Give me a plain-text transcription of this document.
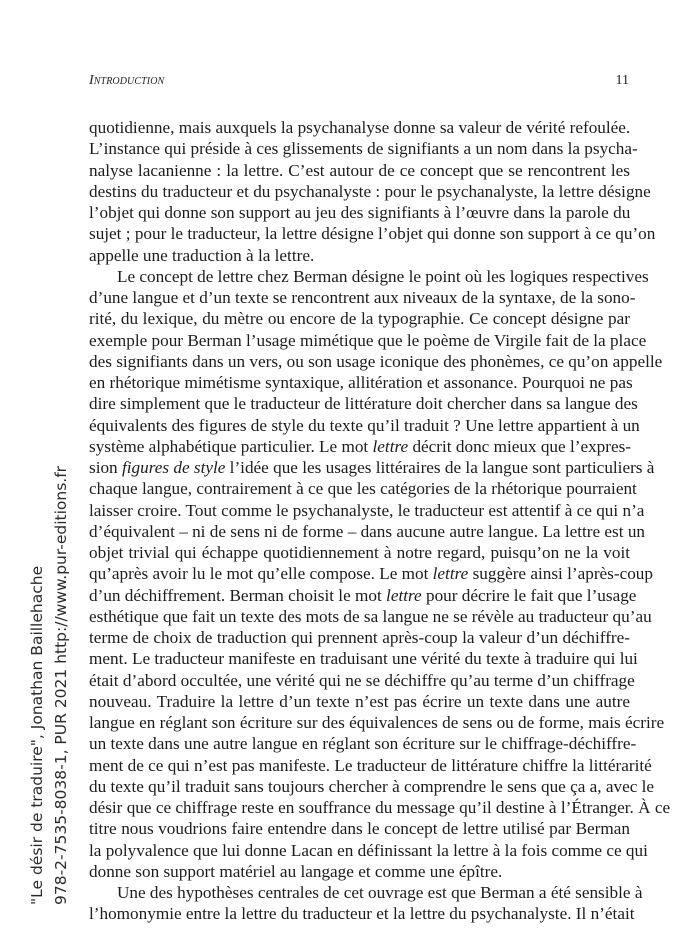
Introduction	11
quotidienne, mais auxquels la psychanalyse donne sa valeur de vérité refoulée.
L’instance qui préside à ces glissements de signifiants a un nom dans la psycha-
nalyse lacanienne : la lettre. C’est autour de ce concept que se rencontrent les
destins du traducteur et du psychanalyste : pour le psychanalyste, la lettre désigne
l’objet qui donne son support au jeu des signifiants à l’œuvre dans la parole du
sujet ; pour le traducteur, la lettre désigne l’objet qui donne son support à ce qu’on
appelle une traduction à la lettre.
Le concept de lettre chez Berman désigne le point où les logiques respectives
d’une langue et d’un texte se rencontrent aux niveaux de la syntaxe, de la sono-
rité, du lexique, du mètre ou encore de la typographie. Ce concept désigne par
exemple pour Berman l’usage mimétique que le poème de Virgile fait de la place
des signifiants dans un vers, ou son usage iconique des phonèmes, ce qu’on appelle
en rhétorique mimétisme syntaxique, allitération et assonance. Pourquoi ne pas
dire simplement que le traducteur de littérature doit chercher dans sa langue des
équivalents des figures de style du texte qu’il traduit ? Une lettre appartient à un
système alphabétique particulier. Le mot lettre décrit donc mieux que l’expres-
sion figures de style l’idée que les usages littéraires de la langue sont particuliers à
chaque langue, contrairement à ce que les catégories de la rhétorique pourraient
laisser croire. Tout comme le psychanalyste, le traducteur est attentif à ce qui n’a
d’équivalent – ni de sens ni de forme – dans aucune autre langue. La lettre est un
objet trivial qui échappe quotidiennement à notre regard, puisqu’on ne la voit
qu’après avoir lu le mot qu’elle compose. Le mot lettre suggère ainsi l’après-coup
d’un déchiffrement. Berman choisit le mot lettre pour décrire le fait que l’usage
esthétique que fait un texte des mots de sa langue ne se révèle au traducteur qu’au
terme de choix de traduction qui prennent après-coup la valeur d’un déchiffre-
ment. Le traducteur manifeste en traduisant une vérité du texte à traduire qui lui
était d’abord occultée, une vérité qui ne se déchiffre qu’au terme d’un chiffrage
nouveau. Traduire la lettre d’un texte n’est pas écrire un texte dans une autre
langue en réglant son écriture sur des équivalences de sens ou de forme, mais écrire
un texte dans une autre langue en réglant son écriture sur le chiffrage-déchiffre-
ment de ce qui n’est pas manifeste. Le traducteur de littérature chiffre la littérarité
du texte qu’il traduit sans toujours chercher à comprendre le sens que ça a, avec le
désir que ce chiffrage reste en souffrance du message qu’il destine à l’Étranger. À ce
titre nous voudrions faire entendre dans le concept de lettre utilisé par Berman
la polyvalence que lui donne Lacan en définissant la lettre à la fois comme ce qui
donne son support matériel au langage et comme une épître.
Une des hypothèses centrales de cet ouvrage est que Berman a été sensible à
l’homonymie entre la lettre du traducteur et la lettre du psychanalyste. Il n’était
"Le désir de traduire", Jonathan Baillehache 978-2-7535-8038-1, PUR 2021 http://www.pur-editions.fr
